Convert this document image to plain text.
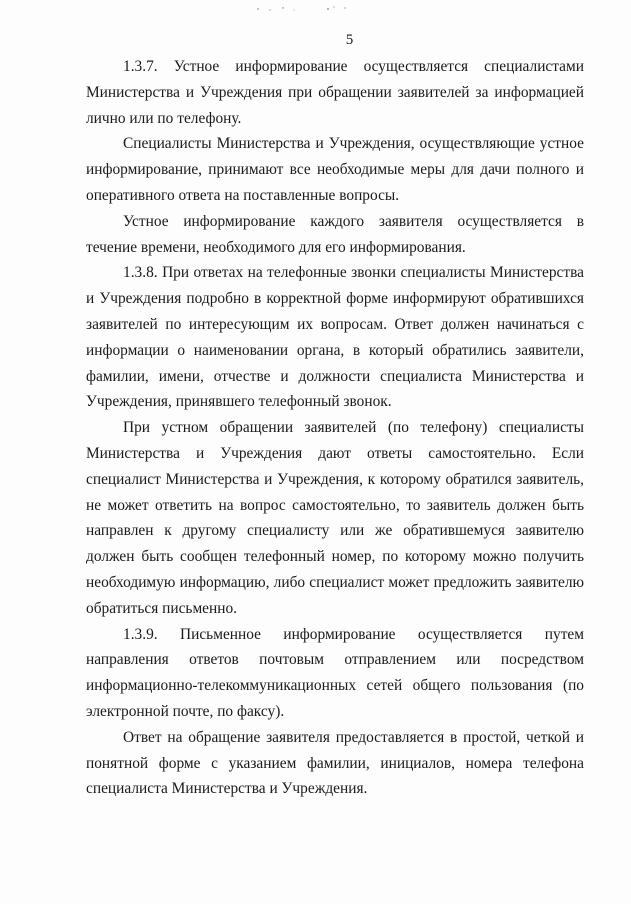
5

1.3.7. Устное информирование осуществляется специалистами Министерства и Учреждения при обращении заявителей за информацией лично или по телефону.

Специалисты Министерства и Учреждения, осуществляющие устное информирование, принимают все необходимые меры для дачи полного и оперативного ответа на поставленные вопросы.

Устное информирование каждого заявителя осуществляется в течение времени, необходимого для его информирования.

1.3.8. При ответах на телефонные звонки специалисты Министерства и Учреждения подробно в корректной форме информируют обратившихся заявителей по интересующим их вопросам. Ответ должен начинаться с информации о наименовании органа, в который обратились заявители, фамилии, имени, отчестве и должности специалиста Министерства и Учреждения, принявшего телефонный звонок.

При устном обращении заявителей (по телефону) специалисты Министерства и Учреждения дают ответы самостоятельно. Если специалист Министерства и Учреждения, к которому обратился заявитель, не может ответить на вопрос самостоятельно, то заявитель должен быть направлен к другому специалисту или же обратившемуся заявителю должен быть сообщен телефонный номер, по которому можно получить необходимую информацию, либо специалист может предложить заявителю обратиться письменно.

1.3.9. Письменное информирование осуществляется путем направления ответов почтовым отправлением или посредством информационно-телекоммуникационных сетей общего пользования (по электронной почте, по факсу).

Ответ на обращение заявителя предоставляется в простой, четкой и понятной форме с указанием фамилии, инициалов, номера телефона специалиста Министерства и Учреждения.
